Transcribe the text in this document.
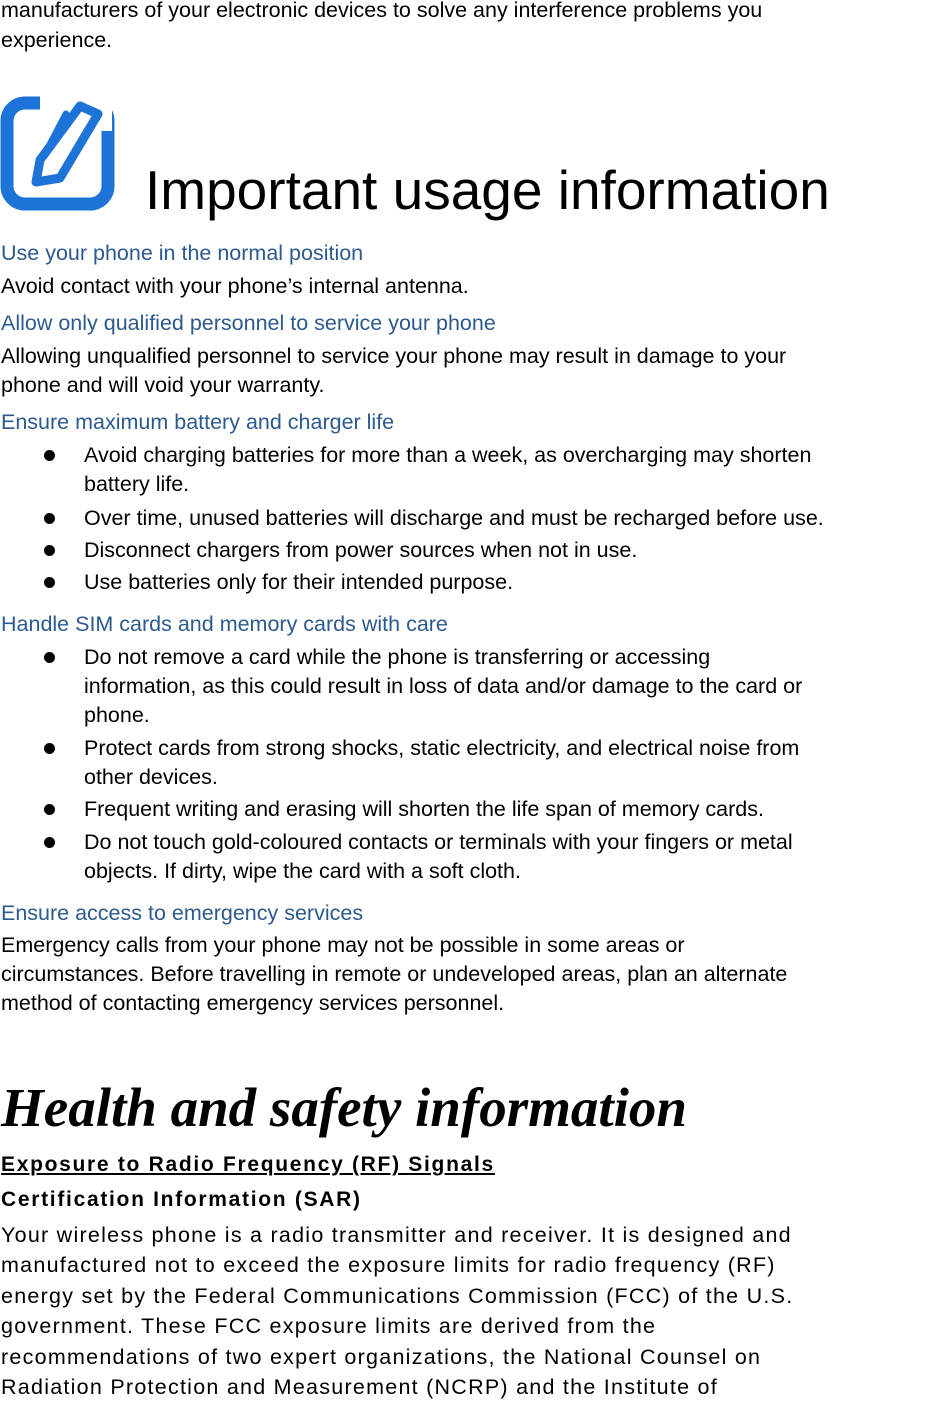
manufacturers of your electronic devices to solve any interference problems you

experience.

Important usage information

Use your phone in the normal position

Avoid contact with your phone’s internal antenna.

Allow only qualified personnel to service your phone

Allowing unqualified personnel to service your phone may result in damage to your

phone and will void your warranty.

Ensure maximum battery and charger life

Avoid charging batteries for more than a week, as overcharging may shorten

battery life.

Over time, unused batteries will discharge and must be recharged before use.

Disconnect chargers from power sources when not in use.

Use batteries only for their intended purpose.

Handle SIM cards and memory cards with care

Do not remove a card while the phone is transferring or accessing

information, as this could result in loss of data and/or damage to the card or

phone.

Protect cards from strong shocks, static electricity, and electrical noise from

other devices.

Frequent writing and erasing will shorten the life span of memory cards.

Do not touch gold-coloured contacts or terminals with your fingers or metal

objects. If dirty, wipe the card with a soft cloth.

Ensure access to emergency services

Emergency calls from your phone may not be possible in some areas or

circumstances. Before travelling in remote or undeveloped areas, plan an alternate

method of contacting emergency services personnel.

Health and safety information

Exposure to Radio Frequency (RF) Signals

Certification Information (SAR)

Your wireless phone is a radio transmitter and receiver. It is designed and

manufactured not to exceed the exposure limits for radio frequency (RF)

energy set by the Federal Communications Commission (FCC) of the U.S.

government. These FCC exposure limits are derived from the

recommendations of two expert organizations, the National Counsel on

Radiation Protection and Measurement (NCRP) and the Institute of
